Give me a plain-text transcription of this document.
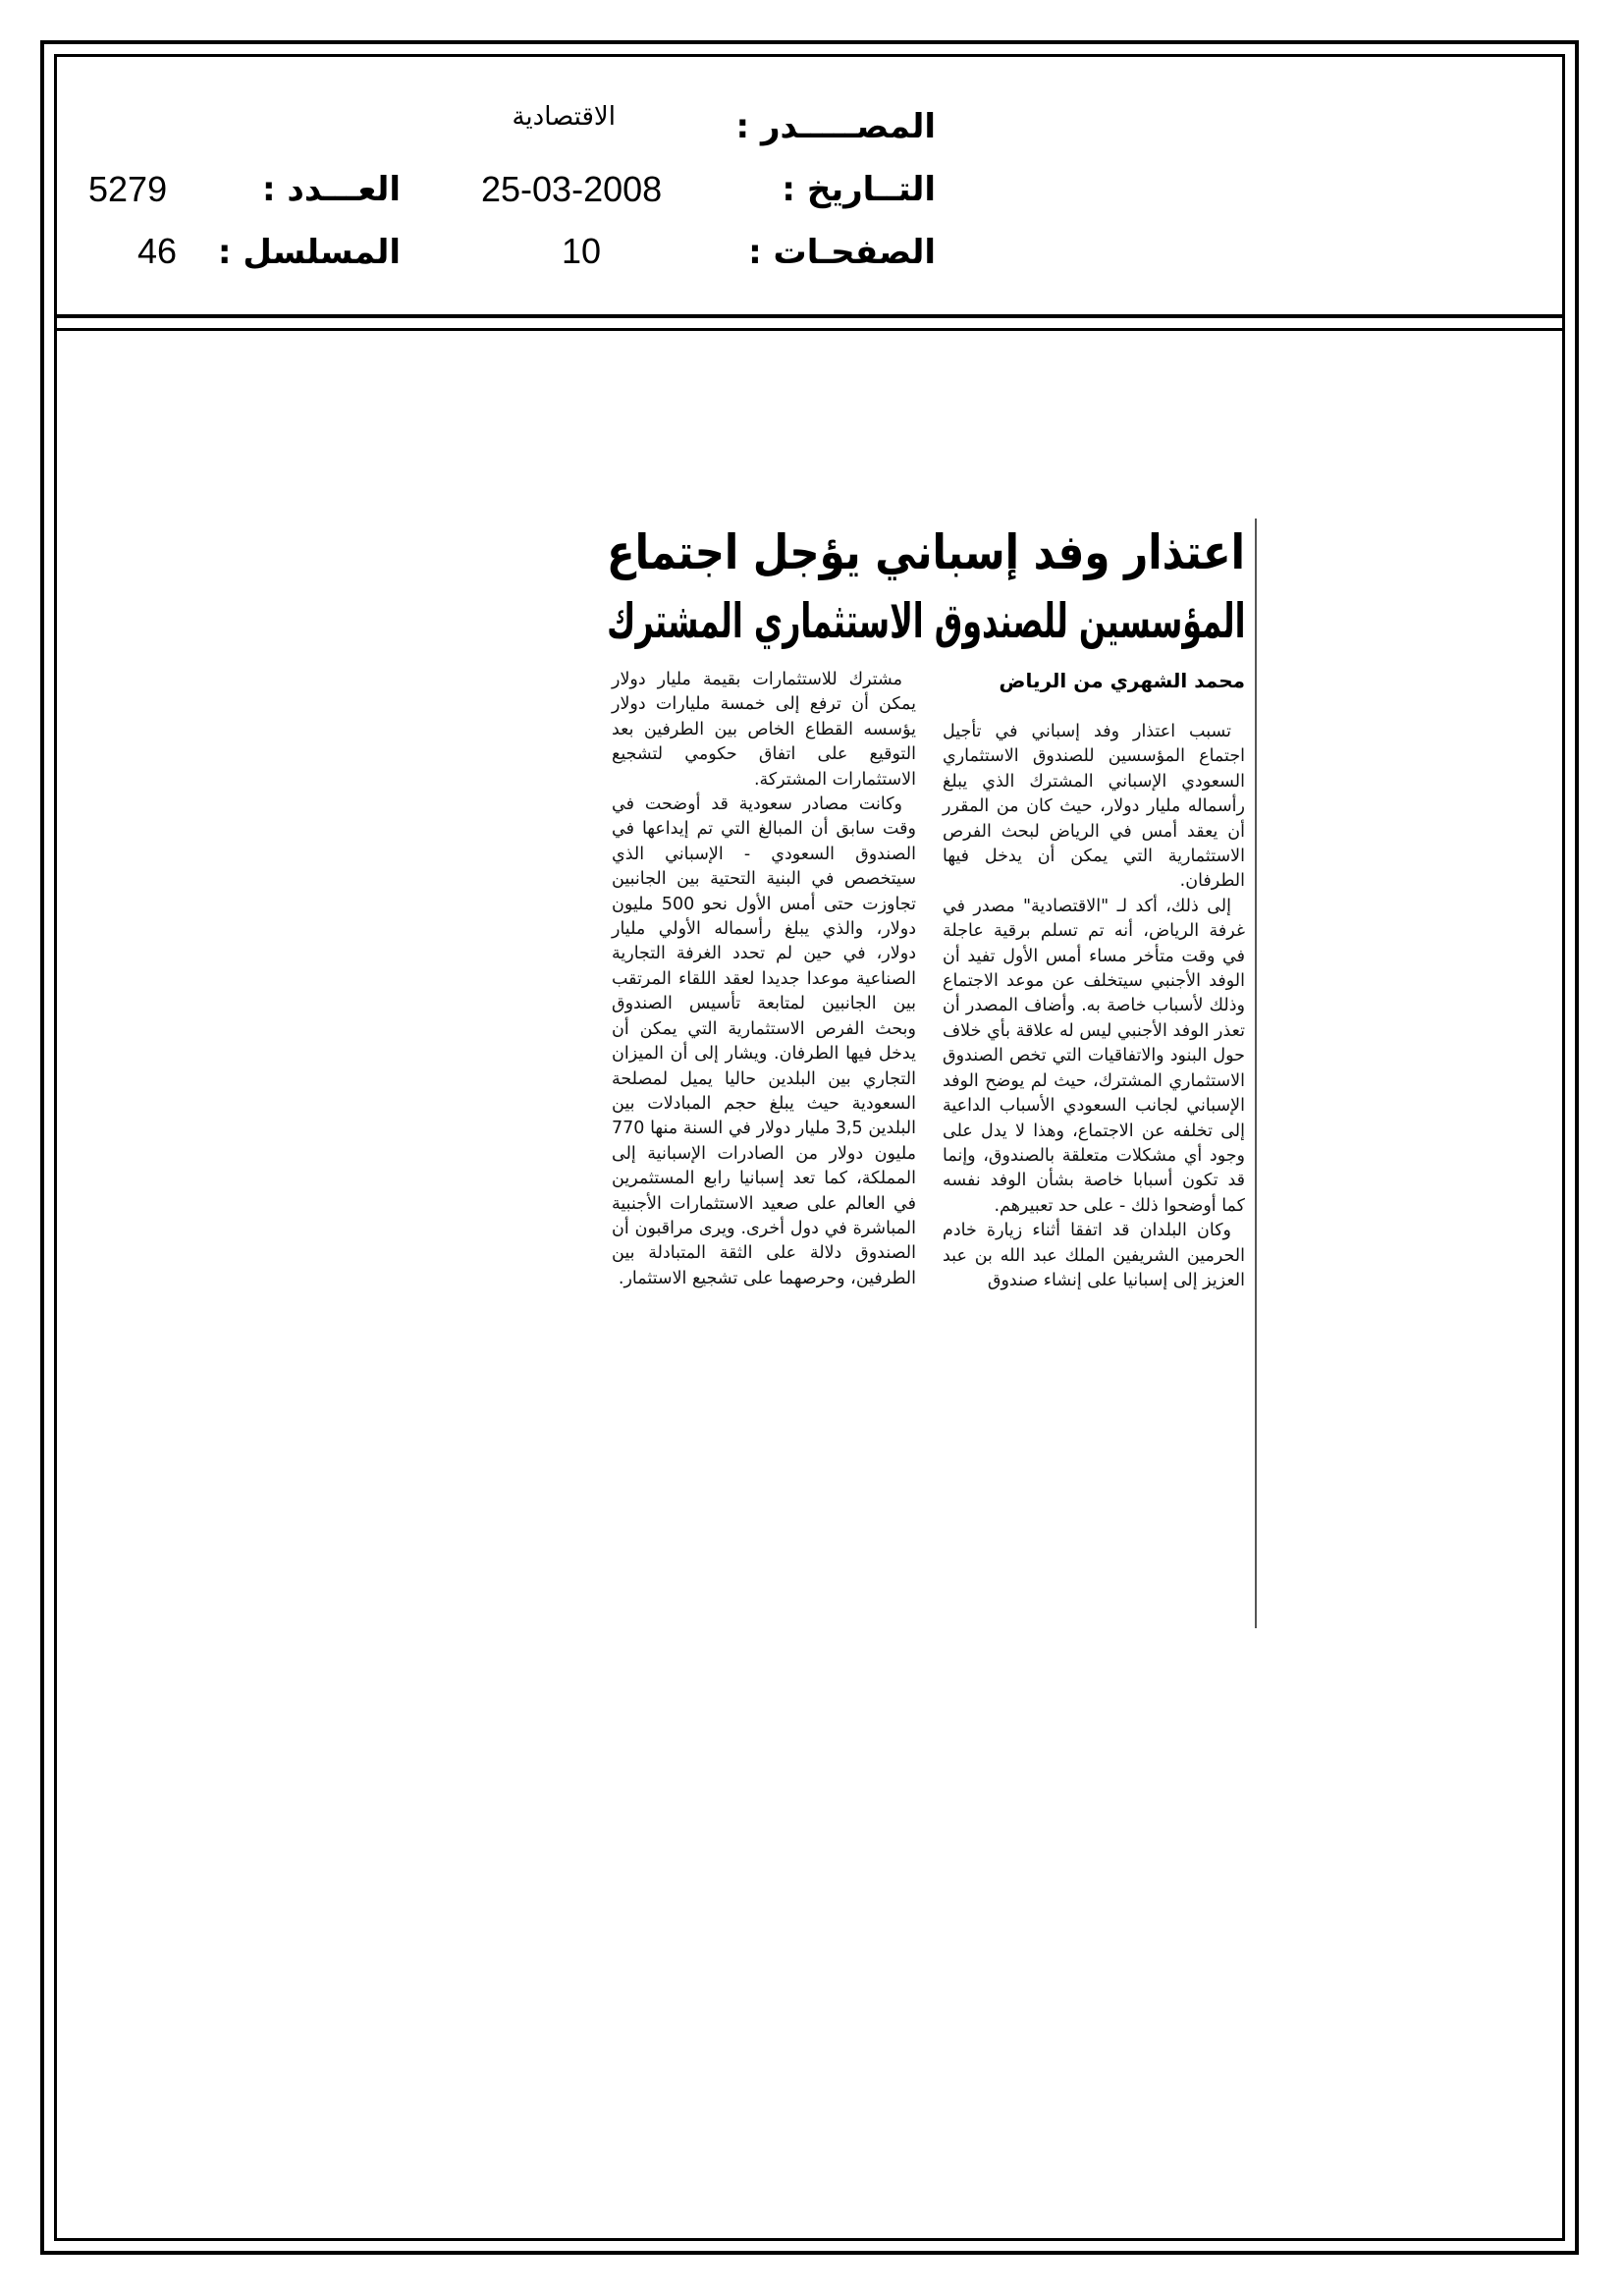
المصـــــدر :
الاقتصادية
التــاريخ :
25-03-2008
الصفحـات :
10
العـــدد :
5279
المسلسل :
46
اعتذار وفد إسباني يؤجل اجتماع
المؤسسين للصندوق الاستثماري المشترك
محمد الشهري من الرياض

تسبب اعتذار وفد إسباني في تأجيل اجتماع المؤسسين للصندوق الاستثماري السعودي الإسباني المشترك الذي يبلغ رأسماله مليار دولار، حيث كان من المقرر أن يعقد أمس في الرياض لبحث الفرص الاستثمارية التي يمكن أن يدخل فيها الطرفان.

إلى ذلك، أكد لـ "الاقتصادية" مصدر في غرفة الرياض، أنه تم تسلم برقية عاجلة في وقت متأخر مساء أمس الأول تفيد أن الوفد الأجنبي سيتخلف عن موعد الاجتماع وذلك لأسباب خاصة به. وأضاف المصدر أن تعذر الوفد الأجنبي ليس له علاقة بأي خلاف حول البنود والاتفاقيات التي تخص الصندوق الاستثماري المشترك، حيث لم يوضح الوفد الإسباني لجانب السعودي الأسباب الداعية إلى تخلفه عن الاجتماع، وهذا لا يدل على وجود أي مشكلات متعلقة بالصندوق، وإنما قد تكون أسبابا خاصة بشأن الوفد نفسه كما أوضحوا ذلك - على حد تعبيرهم.

وكان البلدان قد اتفقا أثناء زيارة خادم الحرمين الشريفين الملك عبد الله بن عبد العزيز إلى إسبانيا على إنشاء صندوق

مشترك للاستثمارات بقيمة مليار دولار يمكن أن ترفع إلى خمسة مليارات دولار يؤسسه القطاع الخاص بين الطرفين بعد التوقيع على اتفاق حكومي لتشجيع الاستثمارات المشتركة.

وكانت مصادر سعودية قد أوضحت في وقت سابق أن المبالغ التي تم إيداعها في الصندوق السعودي - الإسباني الذي سيتخصص في البنية التحتية بين الجانبين تجاوزت حتى أمس الأول نحو 500 مليون دولار، والذي يبلغ رأسماله الأولي مليار دولار، في حين لم تحدد الغرفة التجارية الصناعية موعدا جديدا لعقد اللقاء المرتقب بين الجانبين لمتابعة تأسيس الصندوق وبحث الفرص الاستثمارية التي يمكن أن يدخل فيها الطرفان. ويشار إلى أن الميزان التجاري بين البلدين حاليا يميل لمصلحة السعودية حيث يبلغ حجم المبادلات بين البلدين 3,5 مليار دولار في السنة منها 770 مليون دولار من الصادرات الإسبانية إلى المملكة، كما تعد إسبانيا رابع المستثمرين في العالم على صعيد الاستثمارات الأجنبية المباشرة في دول أخرى. ويرى مراقبون أن الصندوق دلالة على الثقة المتبادلة بين الطرفين، وحرصهما على تشجيع الاستثمار.
